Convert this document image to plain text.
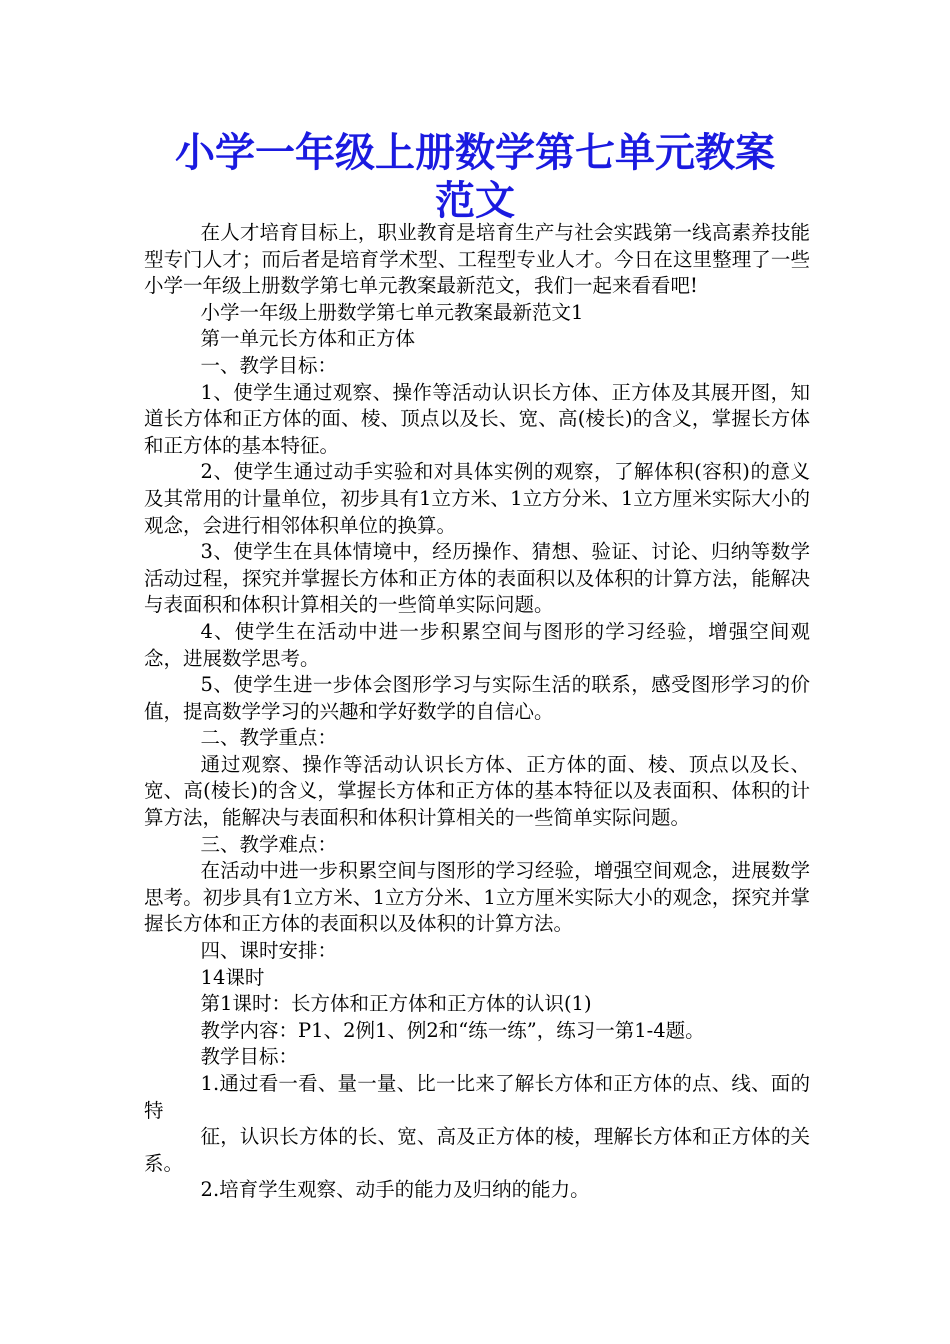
小学一年级上册数学第七单元教案
范文

在人才培育目标上，职业教育是培育生产与社会实践第一线高素养技能型专门人才；而后者是培育学术型、工程型专业人才。今日在这里整理了一些小学一年级上册数学第七单元教案最新范文，我们一起来看看吧!

小学一年级上册数学第七单元教案最新范文1

第一单元长方体和正方体

一、教学目标：

1、使学生通过观察、操作等活动认识长方体、正方体及其展开图，知道长方体和正方体的面、棱、顶点以及长、宽、高(棱长)的含义，掌握长方体和正方体的基本特征。

2、使学生通过动手实验和对具体实例的观察，了解体积(容积)的意义及其常用的计量单位，初步具有1立方米、1立方分米、1立方厘米实际大小的观念，会进行相邻体积单位的换算。

3、使学生在具体情境中，经历操作、猜想、验证、讨论、归纳等数学活动过程，探究并掌握长方体和正方体的表面积以及体积的计算方法，能解决与表面积和体积计算相关的一些简单实际问题。

4、使学生在活动中进一步积累空间与图形的学习经验，增强空间观念，进展数学思考。

5、使学生进一步体会图形学习与实际生活的联系，感受图形学习的价值，提高数学学习的兴趣和学好数学的自信心。

二、教学重点：

通过观察、操作等活动认识长方体、正方体的面、棱、顶点以及长、宽、高(棱长)的含义，掌握长方体和正方体的基本特征以及表面积、体积的计算方法，能解决与表面积和体积计算相关的一些简单实际问题。

三、教学难点：

在活动中进一步积累空间与图形的学习经验，增强空间观念，进展数学思考。初步具有1立方米、1立方分米、1立方厘米实际大小的观念，探究并掌握长方体和正方体的表面积以及体积的计算方法。

四、课时安排：

14课时

第1课时：长方体和正方体和正方体的认识(1)

教学内容：P1、2例1、例2和“练一练”，练习一第1-4题。

教学目标：

1.通过看一看、量一量、比一比来了解长方体和正方体的点、线、面的特

征，认识长方体的长、宽、高及正方体的棱，理解长方体和正方体的关系。

2.培育学生观察、动手的能力及归纳的能力。
